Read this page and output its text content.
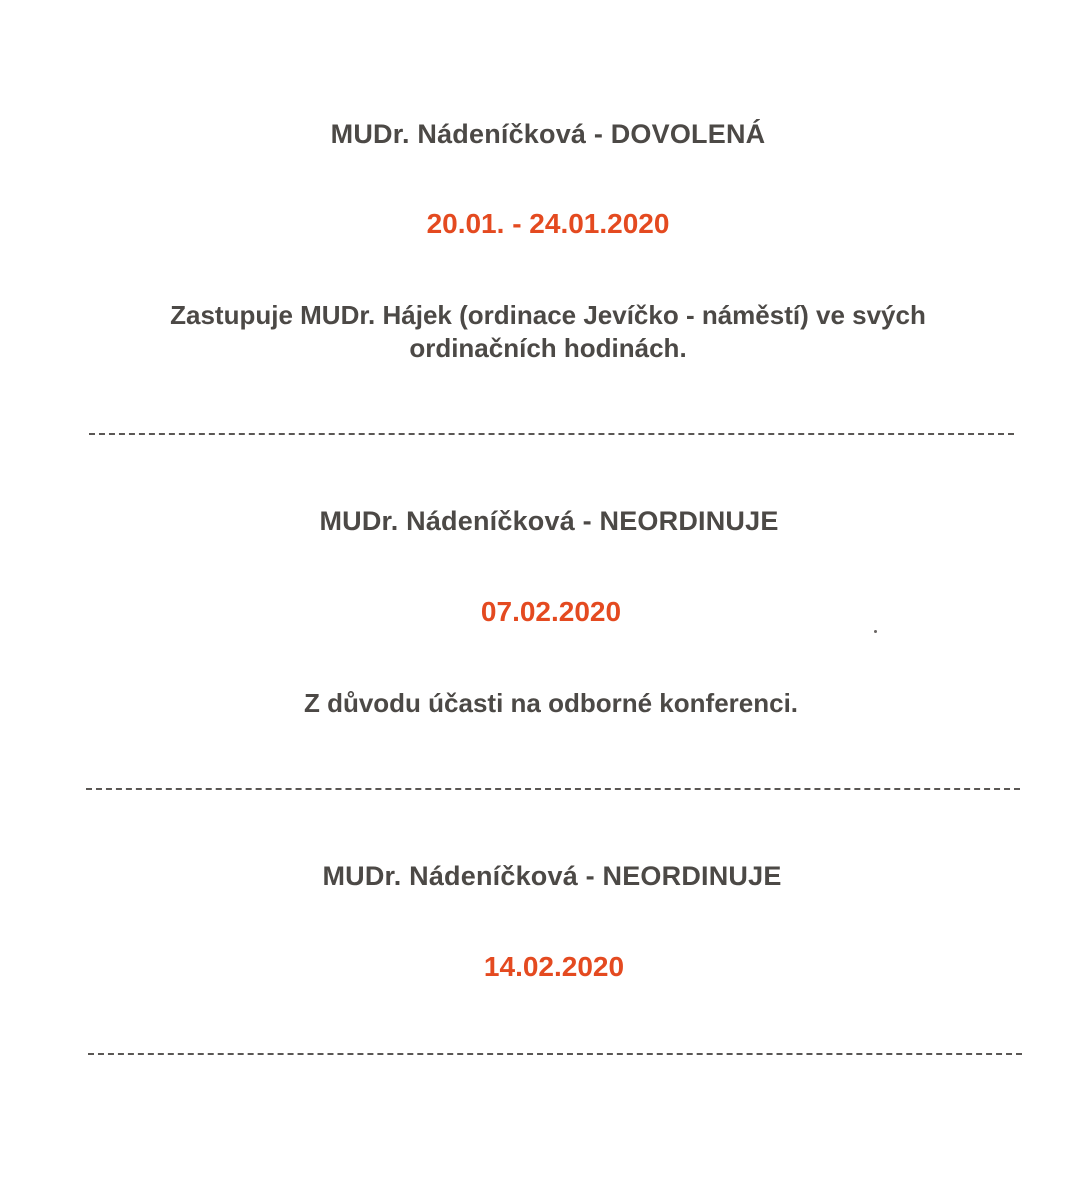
MUDr. Nádeníčková - DOVOLENÁ
20.01. - 24.01.2020
Zastupuje MUDr. Hájek (ordinace Jevíčko - náměstí) ve svých
ordinačních hodinách.
MUDr. Nádeníčková - NEORDINUJE
07.02.2020
Z důvodu účasti na odborné konferenci.
MUDr. Nádeníčková - NEORDINUJE
14.02.2020
